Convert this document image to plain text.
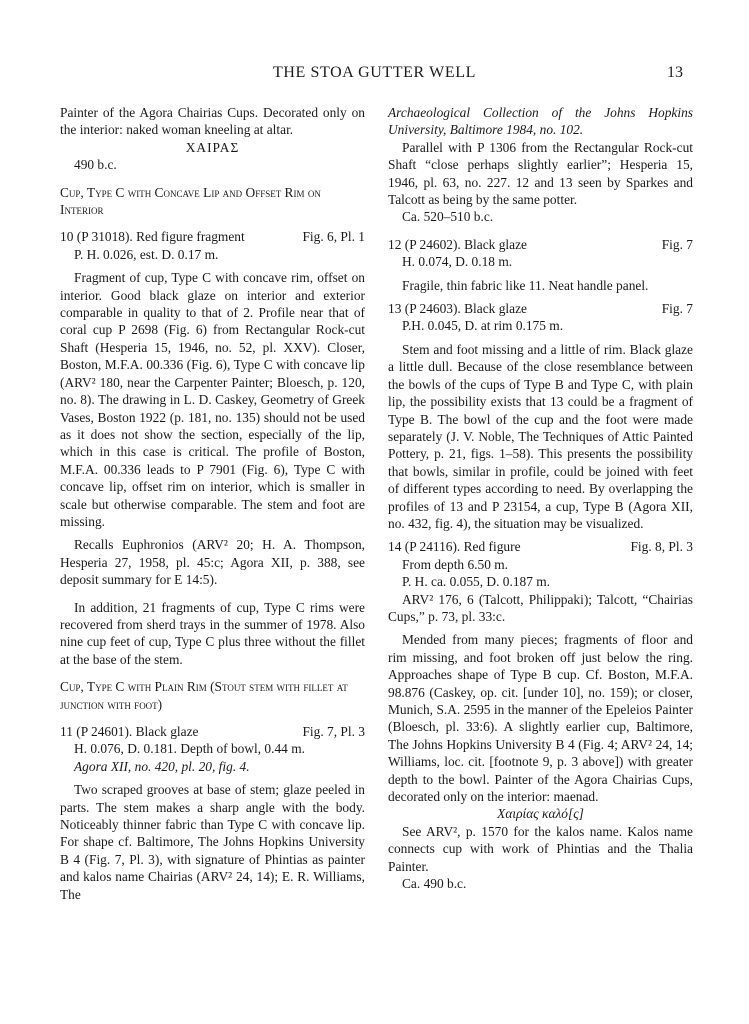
THE STOA GUTTER WELL	13

Painter of the Agora Chairias Cups. Decorated only on the interior: naked woman kneeling at altar.

ΧΑΙΡΑΣ

490 b.c.

Cup, Type C with Concave Lip and Offset Rim on Interior

10 (P 31018). Red figure fragment	Fig. 6, Pl. 1

P. H. 0.026, est. D. 0.17 m.

Fragment of cup, Type C with concave rim, offset on interior. Good black glaze on interior and exterior comparable in quality to that of 2. Profile near that of coral cup P 2698 (Fig. 6) from Rectangular Rock-cut Shaft (Hesperia 15, 1946, no. 52, pl. XXV). Closer, Boston, M.F.A. 00.336 (Fig. 6), Type C with concave lip (ARV² 180, near the Carpenter Painter; Bloesch, p. 120, no. 8). The drawing in L. D. Caskey, Geometry of Greek Vases, Boston 1922 (p. 181, no. 135) should not be used as it does not show the section, especially of the lip, which in this case is critical. The profile of Boston, M.F.A. 00.336 leads to P 7901 (Fig. 6), Type C with concave lip, offset rim on interior, which is smaller in scale but otherwise comparable. The stem and foot are missing.

Recalls Euphronios (ARV² 20; H. A. Thompson, Hesperia 27, 1958, pl. 45:c; Agora XII, p. 388, see deposit summary for E 14:5).

In addition, 21 fragments of cup, Type C rims were recovered from sherd trays in the summer of 1978. Also nine cup feet of cup, Type C plus three without the fillet at the base of the stem.

Cup, Type C with Plain Rim (Stout stem with fillet at junction with foot)

11 (P 24601). Black glaze	Fig. 7, Pl. 3

H. 0.076, D. 0.181. Depth of bowl, 0.44 m.

Agora XII, no. 420, pl. 20, fig. 4.

Two scraped grooves at base of stem; glaze peeled in parts. The stem makes a sharp angle with the body. Noticeably thinner fabric than Type C with concave lip. For shape cf. Baltimore, The Johns Hopkins University B 4 (Fig. 7, Pl. 3), with signature of Phintias as painter and kalos name Chairias (ARV² 24, 14); E. R. Williams, The

Archaeological Collection of the Johns Hopkins University, Baltimore 1984, no. 102.

Parallel with P 1306 from the Rectangular Rock-cut Shaft “close perhaps slightly earlier”; Hesperia 15, 1946, pl. 63, no. 227. 12 and 13 seen by Sparkes and Talcott as being by the same potter.

Ca. 520–510 b.c.

12 (P 24602). Black glaze	Fig. 7

H. 0.074, D. 0.18 m.

Fragile, thin fabric like 11. Neat handle panel.

13 (P 24603). Black glaze	Fig. 7

P.H. 0.045, D. at rim 0.175 m.

Stem and foot missing and a little of rim. Black glaze a little dull. Because of the close resemblance between the bowls of the cups of Type B and Type C, with plain lip, the possibility exists that 13 could be a fragment of Type B. The bowl of the cup and the foot were made separately (J. V. Noble, The Techniques of Attic Painted Pottery, p. 21, figs. 1–58). This presents the possibility that bowls, similar in profile, could be joined with feet of different types according to need. By overlapping the profiles of 13 and P 23154, a cup, Type B (Agora XII, no. 432, fig. 4), the situation may be visualized.

14 (P 24116). Red figure	Fig. 8, Pl. 3

From depth 6.50 m.

P. H. ca. 0.055, D. 0.187 m.

ARV² 176, 6 (Talcott, Philippaki); Talcott, “Chairias Cups,” p. 73, pl. 33:c.

Mended from many pieces; fragments of floor and rim missing, and foot broken off just below the ring. Approaches shape of Type B cup. Cf. Boston, M.F.A. 98.876 (Caskey, op. cit. [under 10], no. 159); or closer, Munich, S.A. 2595 in the manner of the Epeleios Painter (Bloesch, pl. 33:6). A slightly earlier cup, Baltimore, The Johns Hopkins University B 4 (Fig. 4; ARV² 24, 14; Williams, loc. cit. [footnote 9, p. 3 above]) with greater depth to the bowl. Painter of the Agora Chairias Cups, decorated only on the interior: maenad.

Χαιρίας καλό[ς]

See ARV², p. 1570 for the kalos name. Kalos name connects cup with work of Phintias and the Thalia Painter.

Ca. 490 b.c.
